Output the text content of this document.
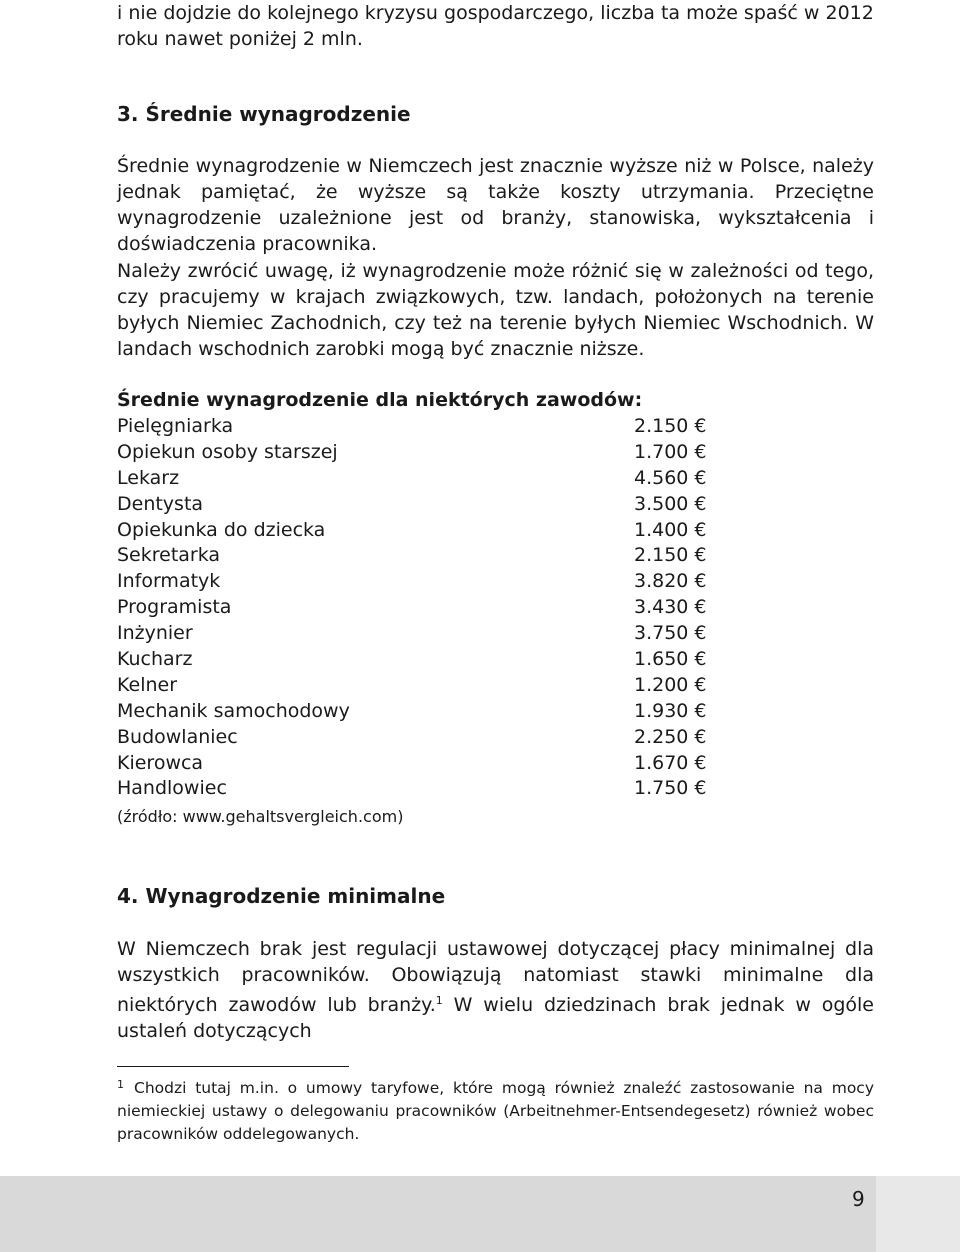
i nie dojdzie do kolejnego kryzysu gospodarczego, liczba ta może spaść w 2012 roku nawet poniżej 2 mln.

3. Średnie wynagrodzenie

Średnie wynagrodzenie w Niemczech jest znacznie wyższe niż w Polsce, należy jednak pamiętać, że wyższe są także koszty utrzymania. Przeciętne wynagrodzenie uzależnione jest od branży, stanowiska, wykształcenia i doświadczenia pracownika.

Należy zwrócić uwagę, iż wynagrodzenie może różnić się w zależności od tego, czy pracujemy w krajach związkowych, tzw. landach, położonych na terenie byłych Niemiec Zachodnich, czy też na terenie byłych Niemiec Wschodnich. W landach wschodnich zarobki mogą być znacznie niższe.

Średnie wynagrodzenie dla niektórych zawodów:

Pielęgniarka	2.150 €
Opiekun osoby starszej	1.700 €
Lekarz	4.560 €
Dentysta	3.500 €
Opiekunka do dziecka	1.400 €
Sekretarka	2.150 €
Informatyk	3.820 €
Programista	3.430 €
Inżynier	3.750 €
Kucharz	1.650 €
Kelner	1.200 €
Mechanik samochodowy	1.930 €
Budowlaniec	2.250 €
Kierowca	1.670 €
Handlowiec	1.750 €

(źródło: www.gehaltsvergleich.com)

4. Wynagrodzenie minimalne

W Niemczech brak jest regulacji ustawowej dotyczącej płacy minimalnej dla wszystkich pracowników. Obowiązują natomiast stawki minimalne dla niektórych zawodów lub branży.$^1$ W wielu dziedzinach brak jednak w ogóle ustaleń dotyczących

$^1$ Chodzi tutaj m.in. o umowy taryfowe, które mogą również znaleźć zastosowanie na mocy niemieckiej ustawy o delegowaniu pracowników (Arbeitnehmer-Entsendegesetz) również wobec pracowników oddelegowanych.

9
